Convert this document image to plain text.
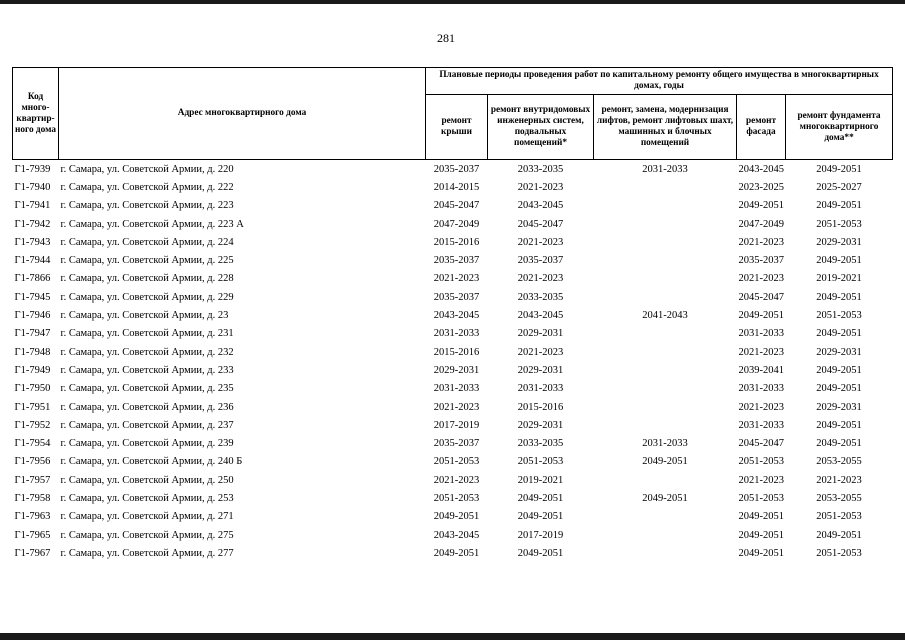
281
Код много-квартир-ного дома	Адрес многоквартирного дома	Плановые периоды проведения работ по капитальному ремонту общего имущества в многоквартирных домах, годы				
		ремонт крыши	ремонт внутридомовых инженерных систем, подвальных помещений*	ремонт, замена, модернизация лифтов, ремонт лифтовых шахт, машинных и блочных помещений	ремонт фасада	ремонт фундамента многоквартирного дома**
Г1-7939	г. Самара, ул. Советской Армии, д. 220	2035-2037	2033-2035	2031-2033	2043-2045	2049-2051
Г1-7940	г. Самара, ул. Советской Армии, д. 222	2014-2015	2021-2023		2023-2025	2025-2027
Г1-7941	г. Самара, ул. Советской Армии, д. 223	2045-2047	2043-2045		2049-2051	2049-2051
Г1-7942	г. Самара, ул. Советской Армии, д. 223 А	2047-2049	2045-2047		2047-2049	2051-2053
Г1-7943	г. Самара, ул. Советской Армии, д. 224	2015-2016	2021-2023		2021-2023	2029-2031
Г1-7944	г. Самара, ул. Советской Армии, д. 225	2035-2037	2035-2037		2035-2037	2049-2051
Г1-7866	г. Самара, ул. Советской Армии, д. 228	2021-2023	2021-2023		2021-2023	2019-2021
Г1-7945	г. Самара, ул. Советской Армии, д. 229	2035-2037	2033-2035		2045-2047	2049-2051
Г1-7946	г. Самара, ул. Советской Армии, д. 23	2043-2045	2043-2045	2041-2043	2049-2051	2051-2053
Г1-7947	г. Самара, ул. Советской Армии, д. 231	2031-2033	2029-2031		2031-2033	2049-2051
Г1-7948	г. Самара, ул. Советской Армии, д. 232	2015-2016	2021-2023		2021-2023	2029-2031
Г1-7949	г. Самара, ул. Советской Армии, д. 233	2029-2031	2029-2031		2039-2041	2049-2051
Г1-7950	г. Самара, ул. Советской Армии, д. 235	2031-2033	2031-2033		2031-2033	2049-2051
Г1-7951	г. Самара, ул. Советской Армии, д. 236	2021-2023	2015-2016		2021-2023	2029-2031
Г1-7952	г. Самара, ул. Советской Армии, д. 237	2017-2019	2029-2031		2031-2033	2049-2051
Г1-7954	г. Самара, ул. Советской Армии, д. 239	2035-2037	2033-2035	2031-2033	2045-2047	2049-2051
Г1-7956	г. Самара, ул. Советской Армии, д. 240 Б	2051-2053	2051-2053	2049-2051	2051-2053	2053-2055
Г1-7957	г. Самара, ул. Советской Армии, д. 250	2021-2023	2019-2021		2021-2023	2021-2023
Г1-7958	г. Самара, ул. Советской Армии, д. 253	2051-2053	2049-2051	2049-2051	2051-2053	2053-2055
Г1-7963	г. Самара, ул. Советской Армии, д. 271	2049-2051	2049-2051		2049-2051	2051-2053
Г1-7965	г. Самара, ул. Советской Армии, д. 275	2043-2045	2017-2019		2049-2051	2049-2051
Г1-7967	г. Самара, ул. Советской Армии, д. 277	2049-2051	2049-2051		2049-2051	2051-2053
